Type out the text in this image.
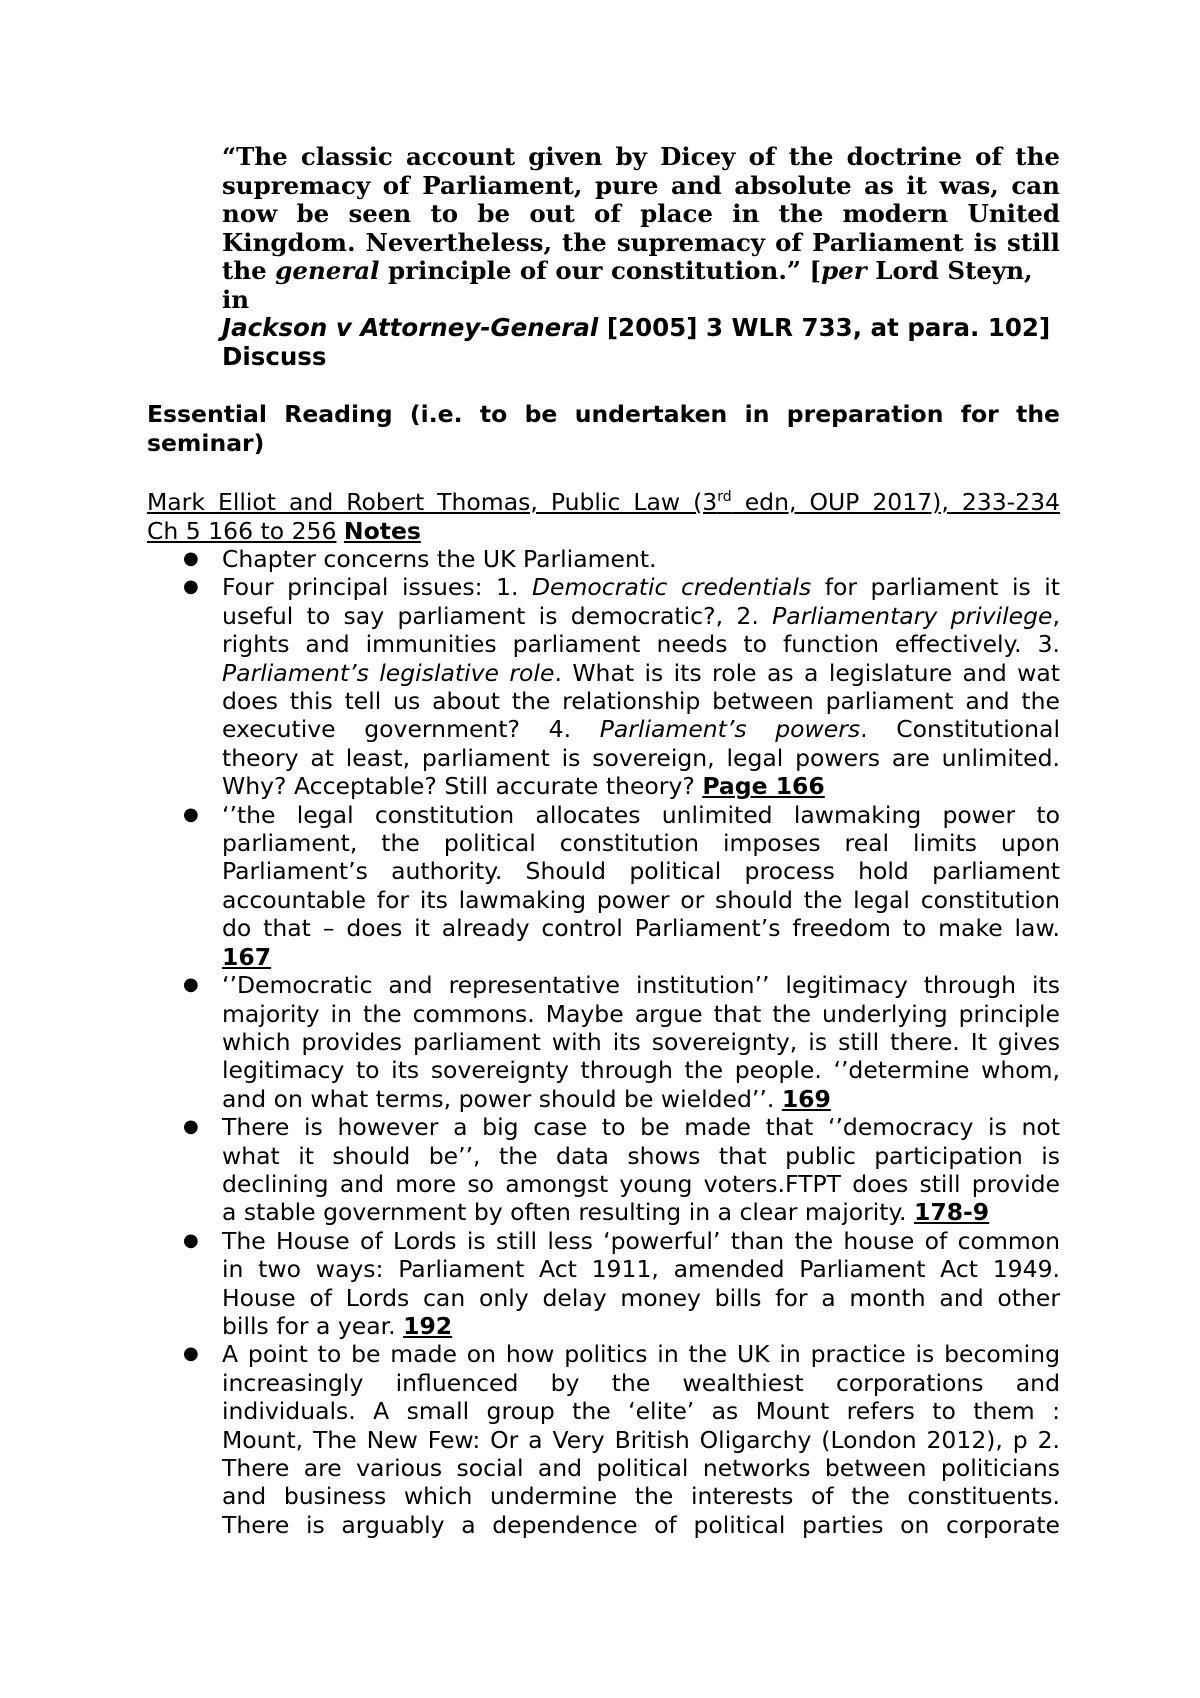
“The classic account given by Dicey of the doctrine of the
supremacy of Parliament, pure and absolute as it was, can
now be seen to be out of place in the modern United
Kingdom. Nevertheless, the supremacy of Parliament is still
the general principle of our constitution.” [per Lord Steyn, in
Jackson v Attorney-General [2005] 3 WLR 733, at para. 102]
Discuss
Essential Reading (i.e. to be undertaken in preparation for the
seminar)
Mark Elliot and Robert Thomas, Public Law (3rd edn, OUP 2017), 233-234
Ch 5 166 to 256 Notes
● Chapter concerns the UK Parliament.
● Four principal issues: 1. Democratic credentials for parliament is it
useful to say parliament is democratic?, 2. Parliamentary privilege,
rights and immunities parliament needs to function effectively. 3.
Parliament’s legislative role. What is its role as a legislature and wat
does this tell us about the relationship between parliament and the
executive government? 4. Parliament’s powers. Constitutional
theory at least, parliament is sovereign, legal powers are unlimited.
Why? Acceptable? Still accurate theory? Page 166
● ‘’the legal constitution allocates unlimited lawmaking power to
parliament, the political constitution imposes real limits upon
Parliament’s authority. Should political process hold parliament
accountable for its lawmaking power or should the legal constitution
do that – does it already control Parliament’s freedom to make law.
167
● ‘’Democratic and representative institution’’ legitimacy through its
majority in the commons. Maybe argue that the underlying principle
which provides parliament with its sovereignty, is still there. It gives
legitimacy to its sovereignty through the people. ‘’determine whom,
and on what terms, power should be wielded’’. 169
● There is however a big case to be made that ‘’democracy is not
what it should be’’, the data shows that public participation is
declining and more so amongst young voters.FTPT does still provide
a stable government by often resulting in a clear majority. 178-9
● The House of Lords is still less ‘powerful’ than the house of common
in two ways: Parliament Act 1911, amended Parliament Act 1949.
House of Lords can only delay money bills for a month and other
bills for a year. 192
● A point to be made on how politics in the UK in practice is becoming
increasingly influenced by the wealthiest corporations and
individuals. A small group the ‘elite’ as Mount refers to them :
Mount, The New Few: Or a Very British Oligarchy (London 2012), p 2.
There are various social and political networks between politicians
and business which undermine the interests of the constituents.
There is arguably a dependence of political parties on corporate
